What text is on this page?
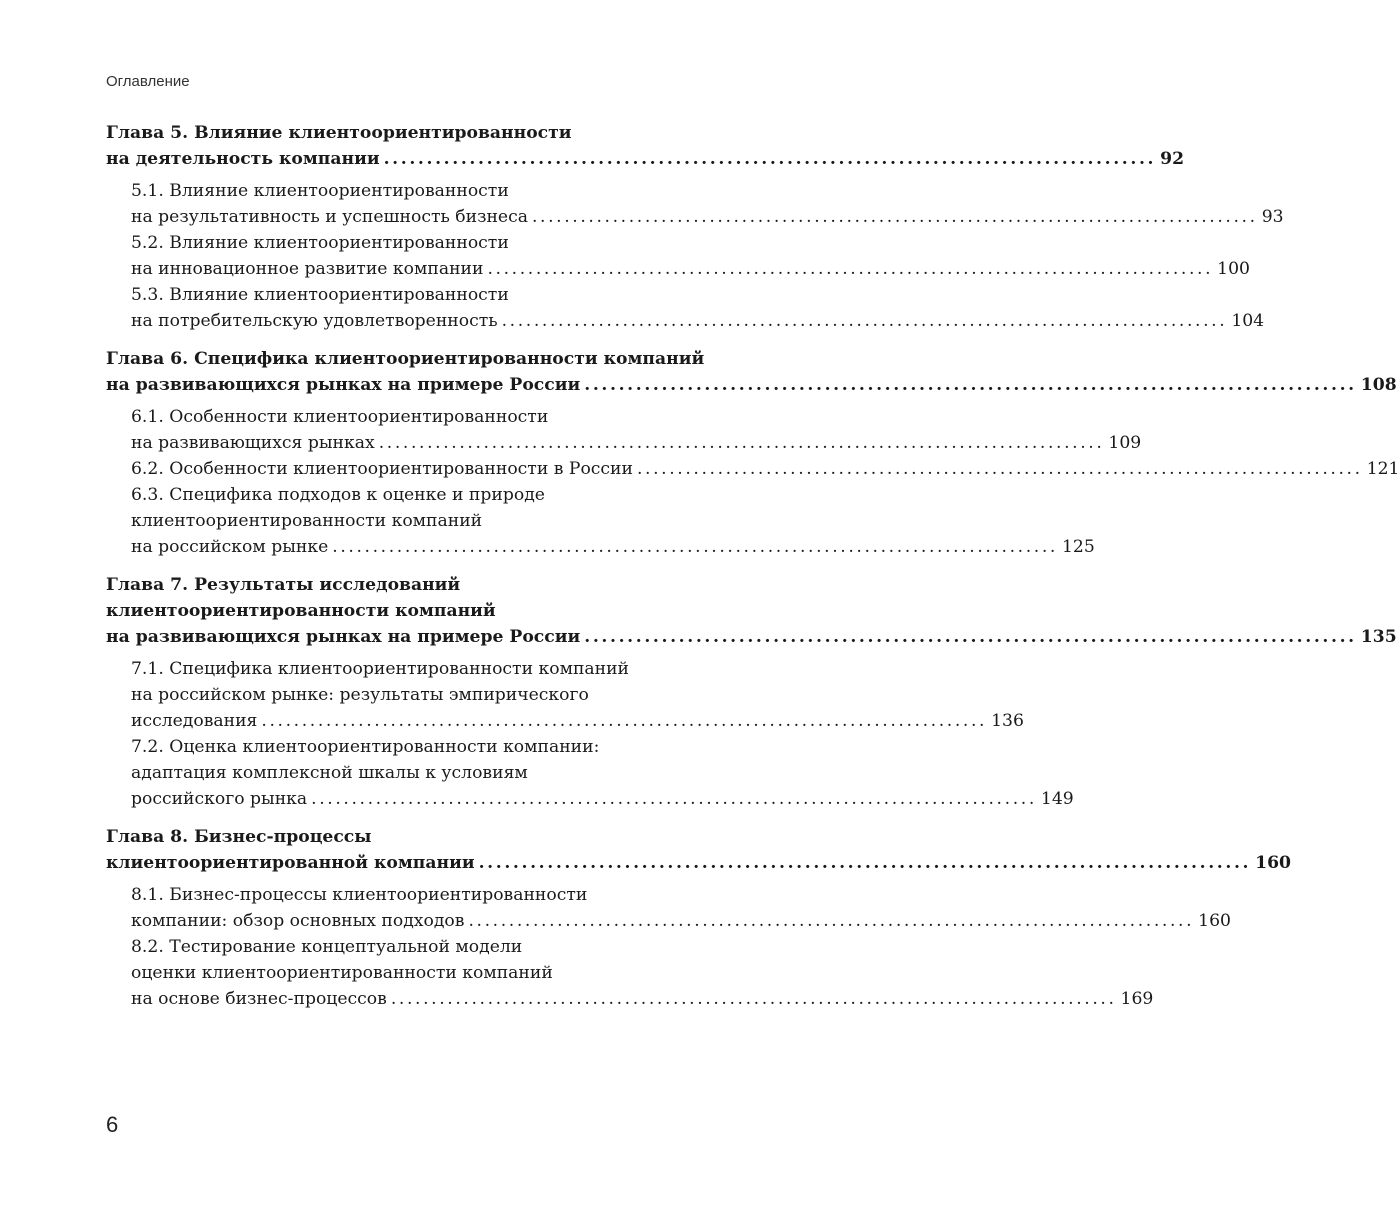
Оглавление
Глава 5. Влияние клиентоориентированности
на деятельность компании .......................................................................................... 92
5.1. Влияние клиентоориентированности
на результативность и успешность бизнеса .......................................................................................... 93
5.2. Влияние клиентоориентированности
на инновационное развитие компании .......................................................................................... 100
5.3. Влияние клиентоориентированности
на потребительскую удовлетворенность .......................................................................................... 104
Глава 6. Специфика клиентоориентированности компаний
на развивающихся рынках на примере России .......................................................................................... 108
6.1. Особенности клиентоориентированности
на развивающихся рынках .......................................................................................... 109
6.2. Особенности клиентоориентированности в России .......................................................................................... 121
6.3. Специфика подходов к оценке и природе
клиентоориентированности компаний
на российском рынке .......................................................................................... 125
Глава 7. Результаты исследований
клиентоориентированности компаний
на развивающихся рынках на примере России .......................................................................................... 135
7.1. Специфика клиентоориентированности компаний
на российском рынке: результаты эмпирического
исследования .......................................................................................... 136
7.2. Оценка клиентоориентированности компании:
адаптация комплексной шкалы к условиям
российского рынка .......................................................................................... 149
Глава 8. Бизнес-процессы
клиентоориентированной компании .......................................................................................... 160
8.1. Бизнес-процессы клиентоориентированности
компании: обзор основных подходов .......................................................................................... 160
8.2. Тестирование концептуальной модели
оценки клиентоориентированности компаний
на основе бизнес-процессов .......................................................................................... 169
6
